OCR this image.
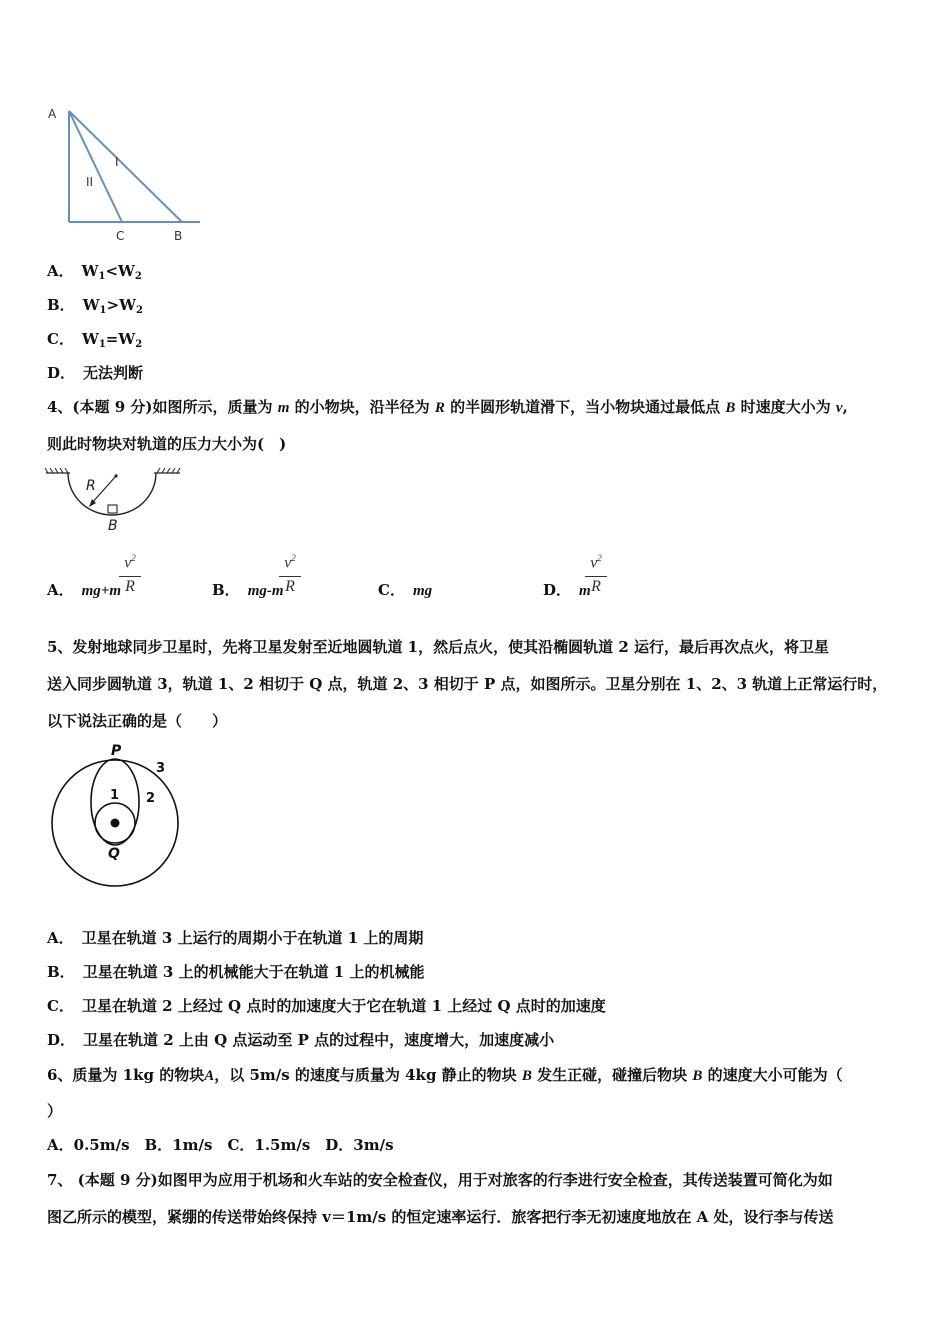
A
I
II
C	B
A． $W_1<W_2$
B． $W_1>W_2$
C． $W_1=W_2$
D． 无法判断
4、(本题 9 分)如图所示，质量为 m 的小物块，沿半径为 R 的半圆形轨道滑下，当小物块通过最低点 B 时速度大小为 v,
则此时物块对轨道的压力大小为(　)
R
B
A． mg+m
$v^2$
R	B． mg-m
$v^2$
R	C． mg	D． m
$v^2$
R
5、发射地球同步卫星时，先将卫星发射至近地圆轨道 1，然后点火，使其沿椭圆轨道 2 运行，最后再次点火，将卫星
送入同步圆轨道 3，轨道 1、2 相切于 Q 点，轨道 2、3 相切于 P 点，如图所示。卫星分别在 1、2、3 轨道上正常运行时，
以下说法正确的是（　　）
P
3
1 2
Q
A． 卫星在轨道 3 上运行的周期小于在轨道 1 上的周期
B． 卫星在轨道 3 上的机械能大于在轨道 1 上的机械能
C． 卫星在轨道 2 上经过 Q 点时的加速度大于它在轨道 1 上经过 Q 点时的加速度
D． 卫星在轨道 2 上由 Q 点运动至 P 点的过程中，速度增大，加速度减小
6、质量为 1kg 的物块A，以 5m/s 的速度与质量为 4kg 静止的物块 B 发生正碰，碰撞后物块 B 的速度大小可能为（
）
A．0.5m/s　B．1m/s　C．1.5m/s　D．3m/s
7、 (本题 9 分)如图甲为应用于机场和火车站的安全检查仪，用于对旅客的行李进行安全检查，其传送装置可简化为如
图乙所示的模型，紧绷的传送带始终保持 v＝1m/s 的恒定速率运行．旅客把行李无初速度地放在 A 处，设行李与传送
